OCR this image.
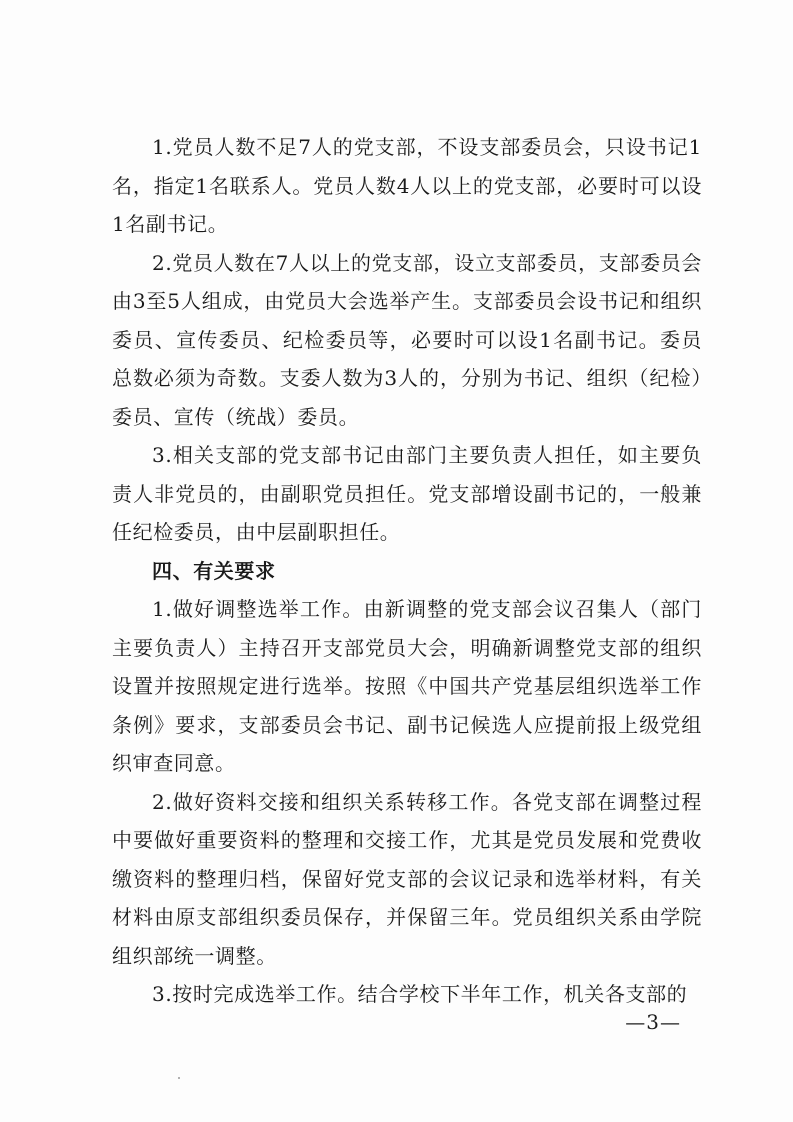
1.党员人数不足7人的党支部，不设支部委员会，只设书记1名，指定1名联系人。党员人数4人以上的党支部，必要时可以设1名副书记。

2.党员人数在7人以上的党支部，设立支部委员，支部委员会由3至5人组成，由党员大会选举产生。支部委员会设书记和组织委员、宣传委员、纪检委员等，必要时可以设1名副书记。委员总数必须为奇数。支委人数为3人的，分别为书记、组织（纪检）委员、宣传（统战）委员。

3.相关支部的党支部书记由部门主要负责人担任，如主要负责人非党员的，由副职党员担任。党支部增设副书记的，一般兼任纪检委员，由中层副职担任。

四、有关要求

1.做好调整选举工作。由新调整的党支部会议召集人（部门主要负责人）主持召开支部党员大会，明确新调整党支部的组织设置并按照规定进行选举。按照《中国共产党基层组织选举工作条例》要求，支部委员会书记、副书记候选人应提前报上级党组织审查同意。

2.做好资料交接和组织关系转移工作。各党支部在调整过程中要做好重要资料的整理和交接工作，尤其是党员发展和党费收缴资料的整理归档，保留好党支部的会议记录和选举材料，有关材料由原支部组织委员保存，并保留三年。党员组织关系由学院组织部统一调整。

3.按时完成选举工作。结合学校下半年工作，机关各支部的

—3—
